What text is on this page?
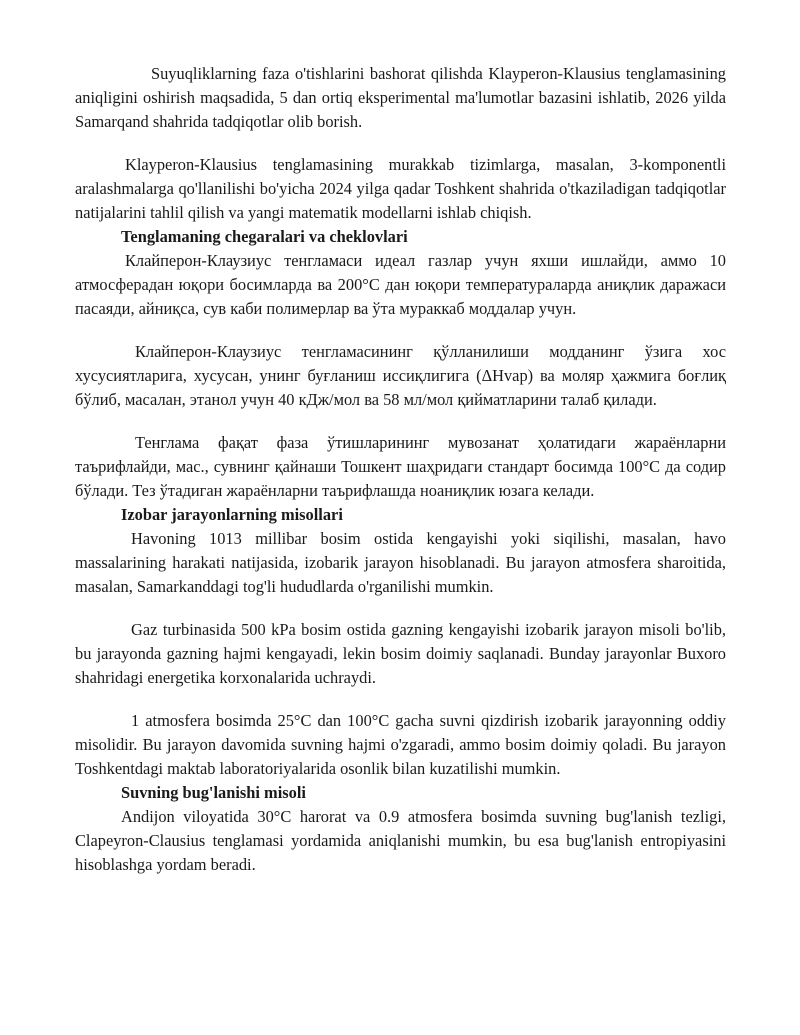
Suyuqliklarning faza o'tishlarini bashorat qilishda Klayperon-Klausius tenglamasining aniqligini oshirish maqsadida, 5 dan ortiq eksperimental ma'lumotlar bazasini ishlatib, 2026 yilda Samarqand shahrida tadqiqotlar olib borish.

Klayperon-Klausius tenglamasining murakkab tizimlarga, masalan, 3-komponentli aralashmalarga qo'llanilishi bo'yicha 2024 yilga qadar Toshkent shahrida o'tkaziladigan tadqiqotlar natijalarini tahlil qilish va yangi matematik modellarni ishlab chiqish.

Tenglamaning chegaralari va cheklovlari

Клайперон-Клаузиус тенгламаси идеал газлар учун яхши ишлайди, аммо 10 атмосферадан юқори босимларда ва 200°C дан юқори температураларда аниқлик даражаси пасаяди, айниқса, сув каби полимерлар ва ўта мураккаб моддалар учун.

Клайперон-Клаузиус тенгламасининг қўлланилиши модданинг ўзига хос хусусиятларига, хусусан, унинг буғланиш иссиқлигига (ΔHvap) ва моляр ҳажмига боғлиқ бўлиб, масалан, этанол учун 40 кДж/мол ва 58 мл/мол қийматларини талаб қилади.

Тенглама фақат фаза ўтишларининг мувозанат ҳолатидаги жараёнларни таърифлайди, мас., сувнинг қайнаши Тошкент шаҳридаги стандарт босимда 100°C да содир бўлади. Тез ўтадиган жараёнларни таърифлашда ноаниқлик юзага келади.

Izobar jarayonlarning misollari

Havoning 1013 millibar bosim ostida kengayishi yoki siqilishi, masalan, havo massalarining harakati natijasida, izobarik jarayon hisoblanadi. Bu jarayon atmosfera sharoitida, masalan, Samarkanddagi tog'li hududlarda o'rganilishi mumkin.

Gaz turbinasida 500 kPa bosim ostida gazning kengayishi izobarik jarayon misoli bo'lib, bu jarayonda gazning hajmi kengayadi, lekin bosim doimiy saqlanadi. Bunday jarayonlar Buxoro shahridagi energetika korxonalarida uchraydi.

1 atmosfera bosimda 25°C dan 100°C gacha suvni qizdirish izobarik jarayonning oddiy misolidir. Bu jarayon davomida suvning hajmi o'zgaradi, ammo bosim doimiy qoladi. Bu jarayon Toshkentdagi maktab laboratoriyalarida osonlik bilan kuzatilishi mumkin.

Suvning bug'lanishi misoli

Andijon viloyatida 30°C harorat va 0.9 atmosfera bosimda suvning bug'lanish tezligi, Clapeyron-Clausius tenglamasi yordamida aniqlanishi mumkin, bu esa bug'lanish entropiyasini hisoblashga yordam beradi.
